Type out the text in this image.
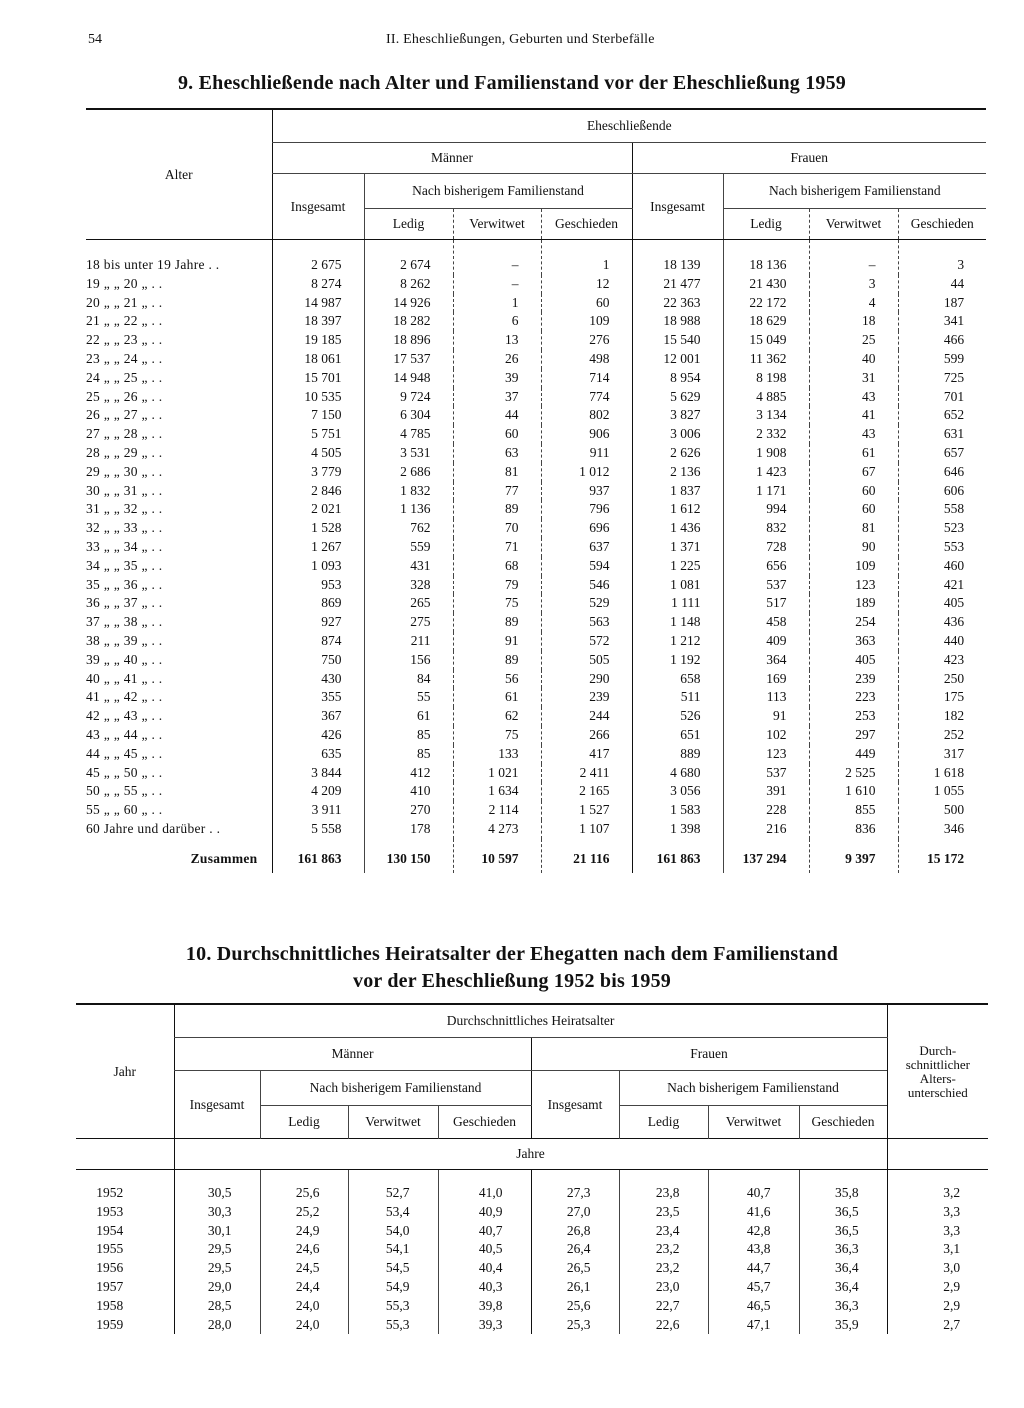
54	II. Eheschließungen, Geburten und Sterbefälle
9. Eheschließende nach Alter und Familienstand vor der Eheschließung 1959
Alter	Eheschließende							
	Männer				Frauen			
	Insgesamt	Nach bisherigem Familienstand			Insgesamt	Nach bisherigem Familienstand		
		Ledig	Verwitwet	Geschieden		Ledig	Verwitwet	Geschieden
18 bis unter 19 Jahre . .	2 675	2 674	–	1	18 139	18 136	–	3
19 „ „ 20 „ . .	8 274	8 262	–	12	21 477	21 430	3	44
20 „ „ 21 „ . .	14 987	14 926	1	60	22 363	22 172	4	187
21 „ „ 22 „ . .	18 397	18 282	6	109	18 988	18 629	18	341
22 „ „ 23 „ . .	19 185	18 896	13	276	15 540	15 049	25	466
23 „ „ 24 „ . .	18 061	17 537	26	498	12 001	11 362	40	599
24 „ „ 25 „ . .	15 701	14 948	39	714	8 954	8 198	31	725
25 „ „ 26 „ . .	10 535	9 724	37	774	5 629	4 885	43	701
26 „ „ 27 „ . .	7 150	6 304	44	802	3 827	3 134	41	652
27 „ „ 28 „ . .	5 751	4 785	60	906	3 006	2 332	43	631
28 „ „ 29 „ . .	4 505	3 531	63	911	2 626	1 908	61	657
29 „ „ 30 „ . .	3 779	2 686	81	1 012	2 136	1 423	67	646
30 „ „ 31 „ . .	2 846	1 832	77	937	1 837	1 171	60	606
31 „ „ 32 „ . .	2 021	1 136	89	796	1 612	994	60	558
32 „ „ 33 „ . .	1 528	762	70	696	1 436	832	81	523
33 „ „ 34 „ . .	1 267	559	71	637	1 371	728	90	553
34 „ „ 35 „ . .	1 093	431	68	594	1 225	656	109	460
35 „ „ 36 „ . .	953	328	79	546	1 081	537	123	421
36 „ „ 37 „ . .	869	265	75	529	1 111	517	189	405
37 „ „ 38 „ . .	927	275	89	563	1 148	458	254	436
38 „ „ 39 „ . .	874	211	91	572	1 212	409	363	440
39 „ „ 40 „ . .	750	156	89	505	1 192	364	405	423
40 „ „ 41 „ . .	430	84	56	290	658	169	239	250
41 „ „ 42 „ . .	355	55	61	239	511	113	223	175
42 „ „ 43 „ . .	367	61	62	244	526	91	253	182
43 „ „ 44 „ . .	426	85	75	266	651	102	297	252
44 „ „ 45 „ . .	635	85	133	417	889	123	449	317
45 „ „ 50 „ . .	3 844	412	1 021	2 411	4 680	537	2 525	1 618
50 „ „ 55 „ . .	4 209	410	1 634	2 165	3 056	391	1 610	1 055
55 „ „ 60 „ . .	3 911	270	2 114	1 527	1 583	228	855	500
60 Jahre und darüber . .	5 558	178	4 273	1 107	1 398	216	836	346
Zusammen	161 863	130 150	10 597	21 116	161 863	137 294	9 397	15 172
10. Durchschnittliches Heiratsalter der Ehegatten nach dem Familienstand
vor der Eheschließung 1952 bis 1959
Jahr	Durchschnittliches Heiratsalter								Durch-
schnittlicher
Alters-
unterschied

	Männer				Frauen				
	Insgesamt	Nach bisherigem Familienstand			Insgesamt	Nach bisherigem Familienstand			
		Ledig	Verwitwet	Geschieden		Ledig	Verwitwet	Geschieden	
	Jahre								
1952	30,5	25,6	52,7	41,0	27,3	23,8	40,7	35,8	3,2
1953	30,3	25,2	53,4	40,9	27,0	23,5	41,6	36,5	3,3
1954	30,1	24,9	54,0	40,7	26,8	23,4	42,8	36,5	3,3
1955	29,5	24,6	54,1	40,5	26,4	23,2	43,8	36,3	3,1
1956	29,5	24,5	54,5	40,4	26,5	23,2	44,7	36,4	3,0
1957	29,0	24,4	54,9	40,3	26,1	23,0	45,7	36,4	2,9
1958	28,5	24,0	55,3	39,8	25,6	22,7	46,5	36,3	2,9
1959	28,0	24,0	55,3	39,3	25,3	22,6	47,1	35,9	2,7
